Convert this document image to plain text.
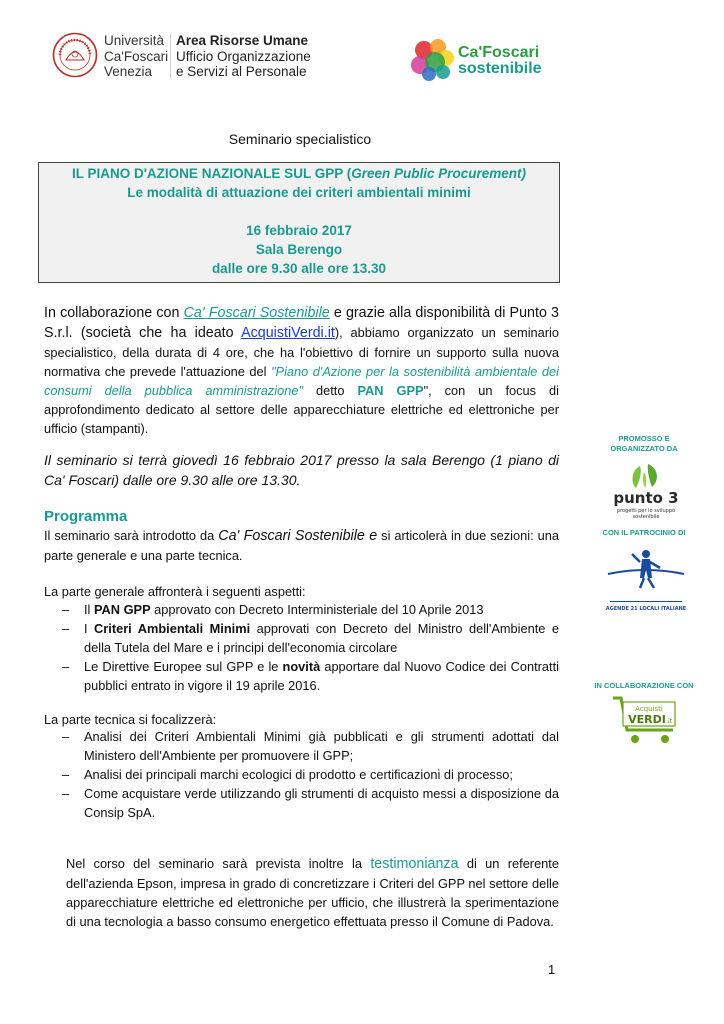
Università
Ca'Foscari
Venezia
Area Risorse Umane
Ufficio Organizzazione
e Servizi al Personale
Ca'Foscari
sostenibile
Seminario specialistico
IL PIANO D'AZIONE NAZIONALE SUL GPP (Green Public Procurement)
Le modalità di attuazione dei criteri ambientali minimi
16 febbraio 2017
Sala Berengo
dalle ore 9.30 alle ore 13.30
In collaborazione con Ca' Foscari Sostenibile e grazie alla disponibilità di Punto 3 S.r.l. (società che ha ideato AcquistiVerdi.it), abbiamo organizzato un seminario specialistico, della durata di 4 ore, che ha l'obiettivo di fornire un supporto sulla nuova normativa che prevede l'attuazione del "Piano d'Azione per la sostenibilità ambientale dei consumi della pubblica amministrazione" detto PAN GPP", con un focus di approfondimento dedicato al settore delle apparecchiature elettriche ed elettroniche per ufficio (stampanti).
Il seminario si terrà giovedì 16 febbraio 2017 presso la sala Berengo (1 piano di Ca' Foscari) dalle ore 9.30 alle ore 13.30.
Programma
Il seminario sarà introdotto da Ca' Foscari Sostenibile e si articolerà in due sezioni: una parte generale e una parte tecnica.
La parte generale affronterà i seguenti aspetti:
– Il PAN GPP approvato con Decreto Interministeriale del 10 Aprile 2013
– I Criteri Ambientali Minimi approvati con Decreto del Ministro dell'Ambiente e della Tutela del Mare e i principi dell'economia circolare
– Le Direttive Europee sul GPP e le novità apportare dal Nuovo Codice dei Contratti pubblici entrato in vigore il 19 aprile 2016.
La parte tecnica si focalizzerà:
– Analisi dei Criteri Ambientali Minimi già pubblicati e gli strumenti adottati dal Ministero dell'Ambiente per promuovere il GPP;
– Analisi dei principali marchi ecologici di prodotto e certificazioni di processo;
– Come acquistare verde utilizzando gli strumenti di acquisto messi a disposizione da Consip SpA.
Nel corso del seminario sarà prevista inoltre la testimonianza di un referente dell'azienda Epson, impresa in grado di concretizzare i Criteri del GPP nel settore delle apparecchiature elettriche ed elettroniche per ufficio, che illustrerà la sperimentazione di una tecnologia a basso consumo energetico effettuata presso il Comune di Padova.
1
PROMOSSO E
ORGANIZZATO DA
punto 3
progetti per lo sviluppo
sostenibile
CON IL PATROCINIO DI
AGENDE 21 LOCALI ITALIANE
IN COLLABORAZIONE CON
Acquisti
VERDI .it
